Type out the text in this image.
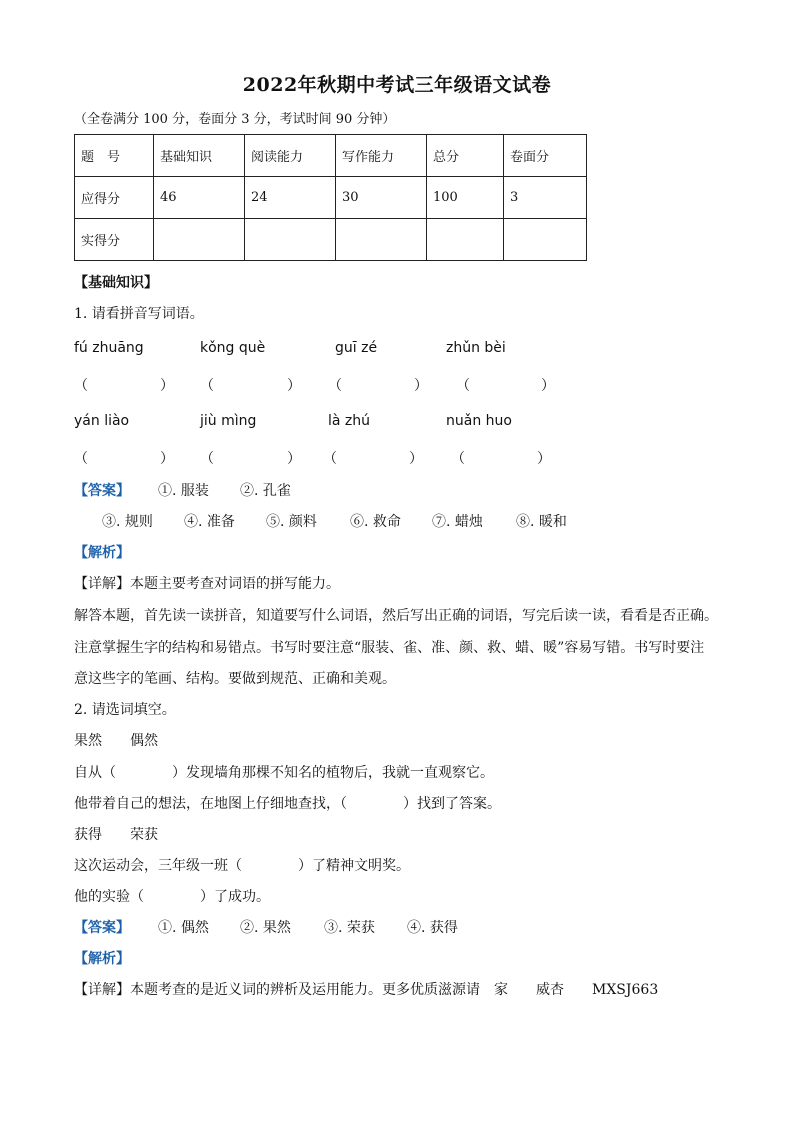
2022年秋期中考试三年级语文试卷
（全卷满分 100 分，卷面分 3 分，考试时间 90 分钟）
题　号	基础知识	阅读能力	写作能力	总分	卷面分
应得分	46	24	30	100	3
实得分					
【基础知识】
1. 请看拼音写词语。
fú zhuāng	kǒng què	guī zé	zhǔn bèi
（	） （	） （	） （	）
yán liào	jiù mìng	là zhú	nuǎn huo
（	） （	） （	） （	）
【答案】 ①. 服装 ②. 孔雀
③. 规则 ④. 准备 ⑤. 颜料 ⑥. 救命 ⑦. 蜡烛 ⑧. 暖和
【解析】
【详解】本题主要考查对词语的拼写能力。
解答本题，首先读一读拼音，知道要写什么词语，然后写出正确的词语，写完后读一读，看看是否正确。
注意掌握生字的结构和易错点。书写时要注意“服装、雀、准、颜、救、蜡、暖”容易写错。书写时要注
意这些字的笔画、结构。要做到规范、正确和美观。
2. 请选词填空。
果然　　偶然
自从（　　　　）发现墙角那棵不知名的植物后，我就一直观察它。
他带着自己的想法，在地图上仔细地查找，（　　　　）找到了答案。
获得　　荣获
这次运动会，三年级一班（　　　　）了精神文明奖。
他的实验（　　　　）了成功。
【答案】 ①. 偶然 ②. 果然 ③. 荣获 ④. 获得
【解析】
【详解】本题考查的是近义词的辨析及运用能力。更多优质滋源请　家　　威杏　　MXSJ663
